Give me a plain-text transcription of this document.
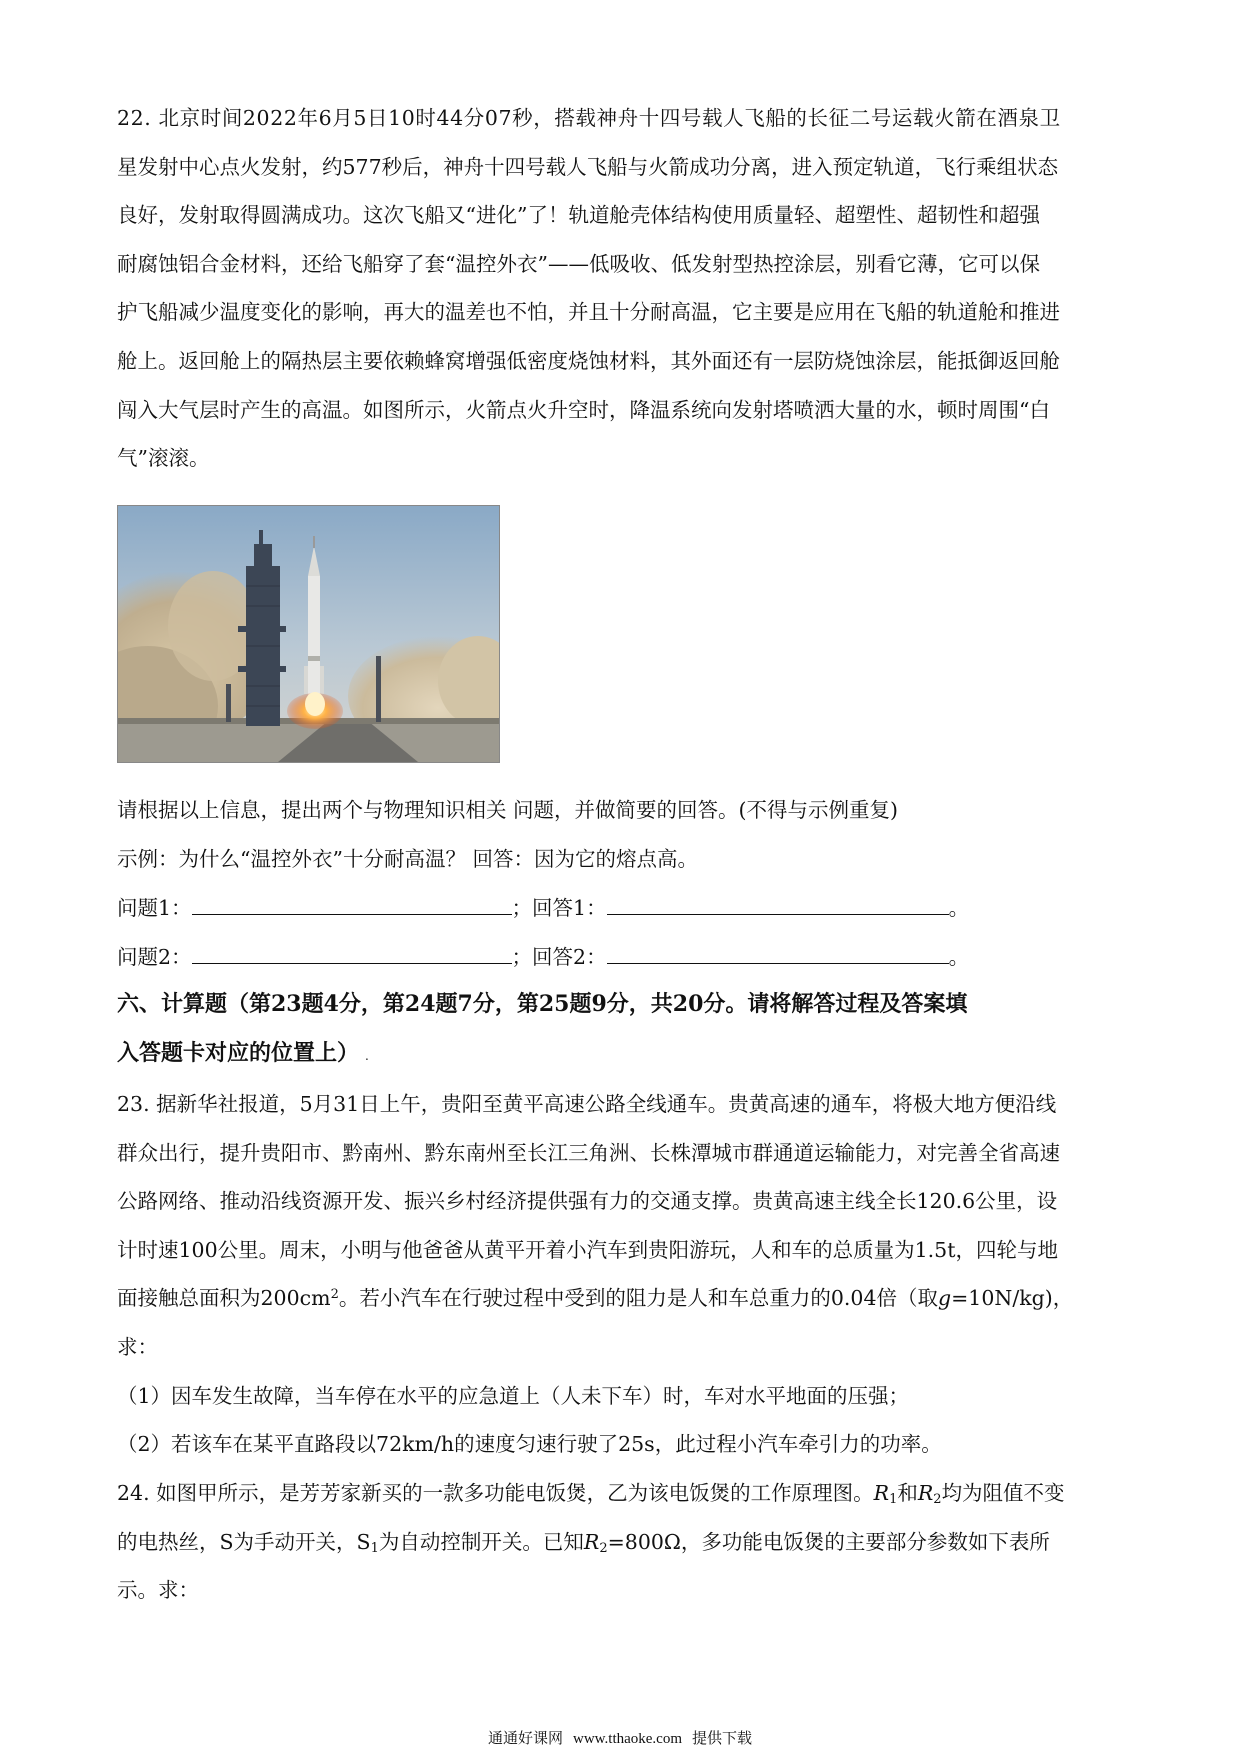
22. 北京时间2022年6月5日10时44分07秒，搭载神舟十四号载人飞船的长征二号运载火箭在酒泉卫
星发射中心点火发射，约577秒后，神舟十四号载人飞船与火箭成功分离，进入预定轨道，飞行乘组状态
良好，发射取得圆满成功。这次飞船又“进化”了！轨道舱壳体结构使用质量轻、超塑性、超韧性和超强
耐腐蚀铝合金材料，还给飞船穿了套“温控外衣”——低吸收、低发射型热控涂层，别看它薄，它可以保
护飞船减少温度变化的影响，再大的温差也不怕，并且十分耐高温，它主要是应用在飞船的轨道舱和推进
舱上。返回舱上的隔热层主要依赖蜂窝增强低密度烧蚀材料，其外面还有一层防烧蚀涂层，能抵御返回舱
闯入大气层时产生的高温。如图所示，火箭点火升空时，降温系统向发射塔喷洒大量的水，顿时周围“白
气”滚滚。
请根据以上信息，提出两个与物理知识相关 问题，并做简要的回答。(不得与示例重复)
示例：为什么“温控外衣”十分耐高温？ 回答：因为它的熔点高。
问题1：	；回答1：	。
问题2：	；回答2：	。
六、计算题（第23题4分，第24题7分，第25题9分，共20分。请将解答过程及答案填
入答题卡对应的位置上） .
23. 据新华社报道，5月31日上午，贵阳至黄平高速公路全线通车。贵黄高速的通车，将极大地方便沿线
群众出行，提升贵阳市、黔南州、黔东南州至长江三角洲、长株潭城市群通道运输能力，对完善全省高速
公路网络、推动沿线资源开发、振兴乡村经济提供强有力的交通支撑。贵黄高速主线全长120.6公里，设
计时速100公里。周末，小明与他爸爸从黄平开着小汽车到贵阳游玩，人和车的总质量为1.5t，四轮与地
面接触总面积为$200cm^2$。若小汽车在行驶过程中受到的阻力是人和车总重力的0.04倍（取g=10N/kg)，
求：
（1）因车发生故障，当车停在水平的应急道上（人未下车）时，车对水平地面的压强；
（2）若该车在某平直路段以72km/h的速度匀速行驶了25s，此过程小汽车牵引力的功率。
24. 如图甲所示，是芳芳家新买的一款多功能电饭煲，乙为该电饭煲的工作原理图。$R_1$和$R_2$均为阻值不变
的电热丝，S为手动开关，$S_1$为自动控制开关。已知$R_2=800\Omega$，多功能电饭煲的主要部分参数如下表所
示。求：
通通好课网 www.tthaoke.com 提供下载
